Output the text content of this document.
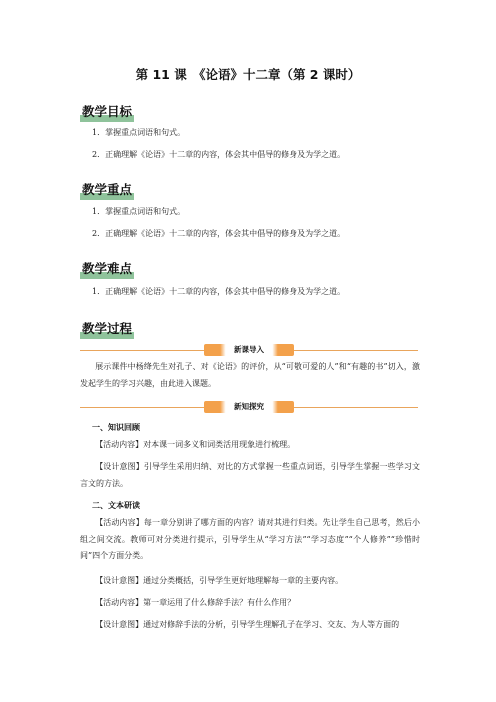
第 11 课　《论语》十二章（第 2 课时）
教学目标
1．掌握重点词语和句式。
2．正确理解《论语》十二章的内容，体会其中倡导的修身及为学之道。
教学重点
1．掌握重点词语和句式。
2．正确理解《论语》十二章的内容，体会其中倡导的修身及为学之道。
教学难点
1．正确理解《论语》十二章的内容，体会其中倡导的修身及为学之道。
教学过程
新课导入
展示课件中杨绛先生对孔子、对《论语》的评价，从“可敬可爱的人”和“有趣的书”切入，激发起学生的学习兴趣，由此进入课题。
新知探究
一、知识回顾
【活动内容】对本课一词多义和词类活用现象进行梳理。
【设计意图】引导学生采用归纳、对比的方式掌握一些重点词语，引导学生掌握一些学习文言文的方法。
二、文本研读
【活动内容】每一章分别讲了哪方面的内容？请对其进行归类。先让学生自己思考，然后小组之间交流。教师可对分类进行提示，引导学生从“学习方法”“学习态度”“个人修养”“珍惜时间”四个方面分类。
【设计意图】通过分类概括，引导学生更好地理解每一章的主要内容。
【活动内容】第一章运用了什么修辞手法？有什么作用？
【设计意图】通过对修辞手法的分析，引导学生理解孔子在学习、交友、为人等方面的
